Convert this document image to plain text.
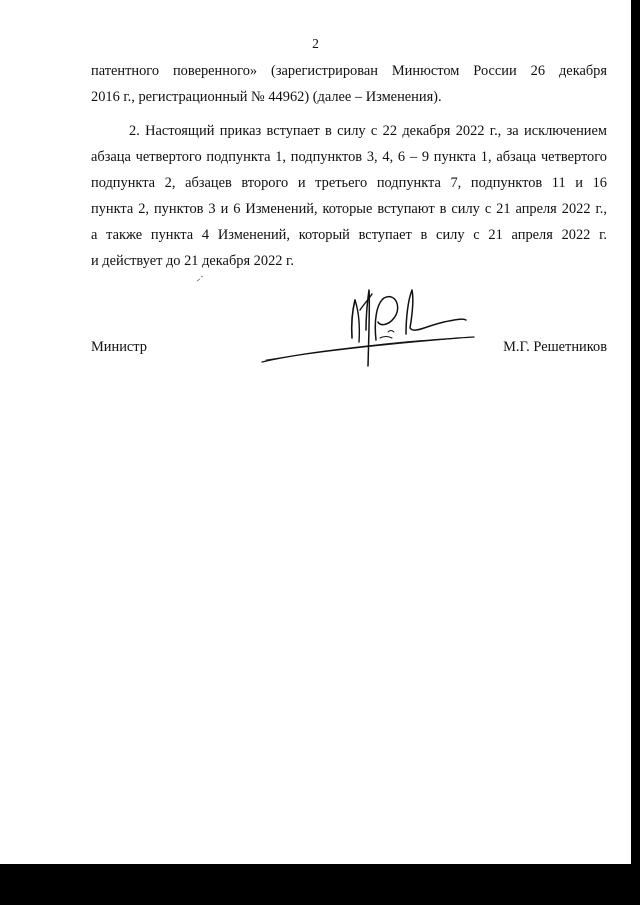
2
патентного поверенного» (зарегистрирован Минюстом России 26 декабря
2016 г., регистрационный № 44962) (далее – Изменения).
2. Настоящий приказ вступает в силу с 22 декабря 2022 г., за исключением
абзаца четвертого подпункта 1, подпунктов 3, 4, 6 – 9 пункта 1, абзаца четвертого
подпункта 2, абзацев второго и третьего подпункта 7, подпунктов 11 и 16
пункта 2, пунктов 3 и 6 Изменений, которые вступают в силу с 21 апреля 2022 г.,
а также пункта 4 Изменений, который вступает в силу с 21 апреля 2022 г.
и действует до 21 декабря 2022 г.
Министр	М.Г. Решетников
